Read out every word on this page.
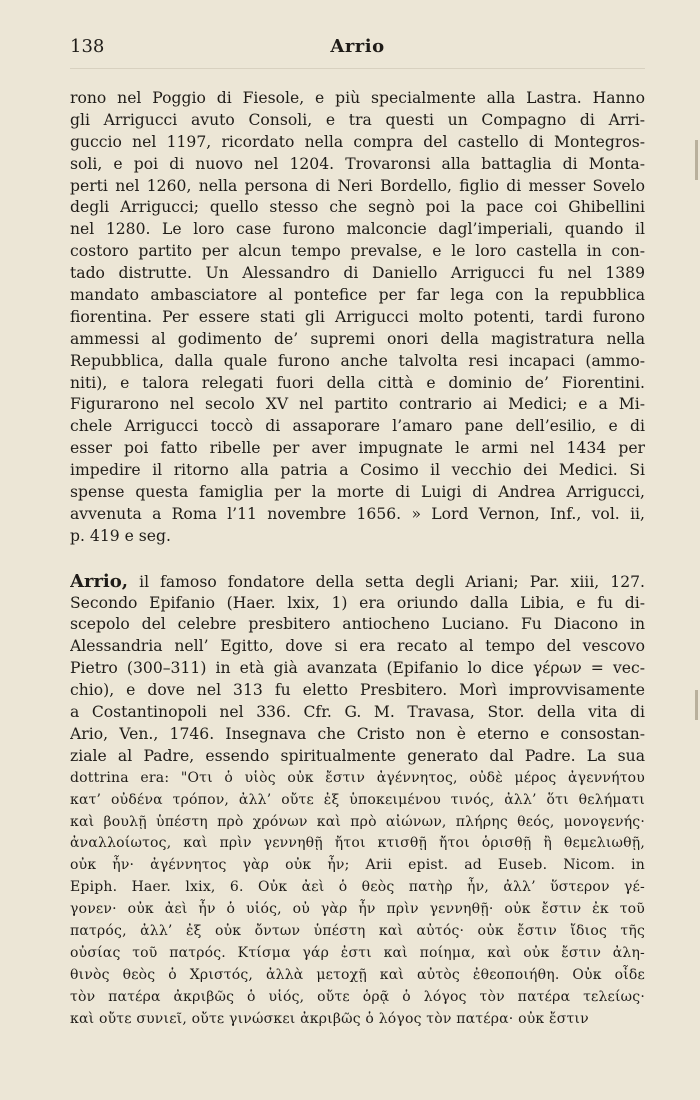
138	Arrio
rono nel Poggio di Fiesole, e più specialmente alla Lastra. Hanno
gli Arrigucci avuto Consoli, e tra questi un Compagno di Arri-
guccio nel 1197, ricordato nella compra del castello di Montegros-
soli, e poi di nuovo nel 1204. Trovaronsi alla battaglia di Monta-
perti nel 1260, nella persona di Neri Bordello, figlio di messer Sovelo
degli Arrigucci; quello stesso che segnò poi la pace coi Ghibellini
nel 1280. Le loro case furono malconcie dagl’imperiali, quando il
costoro partito per alcun tempo prevalse, e le loro castella in con-
tado distrutte. Un Alessandro di Daniello Arrigucci fu nel 1389
mandato ambasciatore al pontefice per far lega con la repubblica
fiorentina. Per essere stati gli Arrigucci molto potenti, tardi furono
ammessi al godimento de’ supremi onori della magistratura nella
Repubblica, dalla quale furono anche talvolta resi incapaci (ammo-
niti), e talora relegati fuori della città e dominio de’ Fiorentini.
Figurarono nel secolo XV nel partito contrario ai Medici; e a Mi-
chele Arrigucci toccò di assaporare l’amaro pane dell’esilio, e di
esser poi fatto ribelle per aver impugnate le armi nel 1434 per
impedire il ritorno alla patria a Cosimo il vecchio dei Medici. Si
spense questa famiglia per la morte di Luigi di Andrea Arrigucci,
avvenuta a Roma l’11 novembre 1656. » Lord Vernon, Inf., vol. ii,
p. 419 e seg.
Arrio, il famoso fondatore della setta degli Ariani; Par. xiii, 127.
Secondo Epifanio (Haer. lxix, 1) era oriundo dalla Libia, e fu di-
scepolo del celebre presbitero antiocheno Luciano. Fu Diacono in
Alessandria nell’ Egitto, dove si era recato al tempo del vescovo
Pietro (300–311) in età già avanzata (Epifanio lo dice γέρων = vec-
chio), e dove nel 313 fu eletto Presbitero. Morì improvvisamente
a Costantinopoli nel 336. Cfr. G. M. Travasa, Stor. della vita di
Ario, Ven., 1746. Insegnava che Cristo non è eterno e consostan-
ziale al Padre, essendo spiritualmente generato dal Padre. La sua
dottrina era: "Οτι ὁ υἱὸς οὐκ ἔστιν ἀγέννητος, οὐδὲ μέρος ἀγεννήτου
κατ’ οὐδένα τρόπον, ἀλλ’ οὔτε ἐξ ὑποκειμένου τινός, ἀλλ’ ὅτι θελήματι
καὶ βουλῇ ὑπέστη πρὸ χρόνων καὶ πρὸ αἰώνων, πλήρης θεός, μονογενής·
ἀναλλοίωτος, καὶ πρὶν γεννηθῇ ἤτοι κτισθῇ ἤτοι ὁρισθῇ ἢ θεμελιωθῇ,
οὐκ ἦν· ἀγέννητος γὰρ οὐκ ἦν; Arii epist. ad Euseb. Nicom. in
Epiph. Haer. lxix, 6. Οὐκ ἀεὶ ὁ θεὸς πατὴρ ἦν, ἀλλ’ ὕστερον γέ-
γονεν· οὐκ ἀεὶ ἦν ὁ υἱός, οὐ γὰρ ἦν πρὶν γεννηθῇ· οὐκ ἔστιν ἐκ τοῦ
πατρός, ἀλλ’ ἐξ οὐκ ὄντων ὑπέστη καὶ αὐτός· οὐκ ἔστιν ἴδιος τῆς
οὐσίας τοῦ πατρός. Κτίσμα γάρ ἐστι καὶ ποίημα, καὶ οὐκ ἔστιν ἀλη-
θινὸς θεὸς ὁ Χριστός, ἀλλὰ μετοχῇ καὶ αὐτὸς ἐθεοποιήθη. Οὐκ οἶδε
τὸν πατέρα ἀκριβῶς ὁ υἱός, οὔτε ὁρᾷ ὁ λόγος τὸν πατέρα τελείως·
καὶ οὔτε συνιεῖ, οὔτε γινώσκει ἀκριβῶς ὁ λόγος τὸν πατέρα· οὐκ ἔστιν
